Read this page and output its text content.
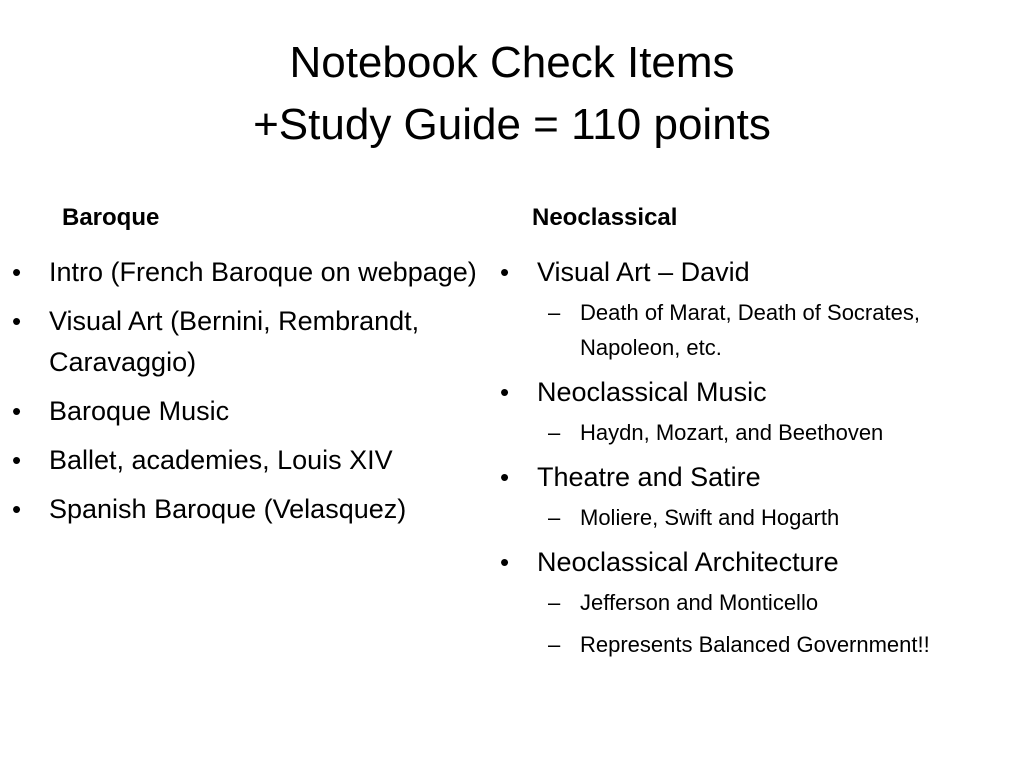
Notebook Check Items
+Study Guide = 110 points
Baroque	Neoclassical
• Intro (French Baroque on webpage)
• Visual Art (Bernini, Rembrandt, Caravaggio)
• Baroque Music
• Ballet, academies, Louis XIV
• Spanish Baroque (Velasquez)
• Visual Art – David
– Death of Marat, Death of Socrates, Napoleon, etc.
• Neoclassical Music
– Haydn, Mozart, and Beethoven
• Theatre and Satire
– Moliere, Swift and Hogarth
• Neoclassical Architecture
– Jefferson and Monticello
– Represents Balanced Government!!
